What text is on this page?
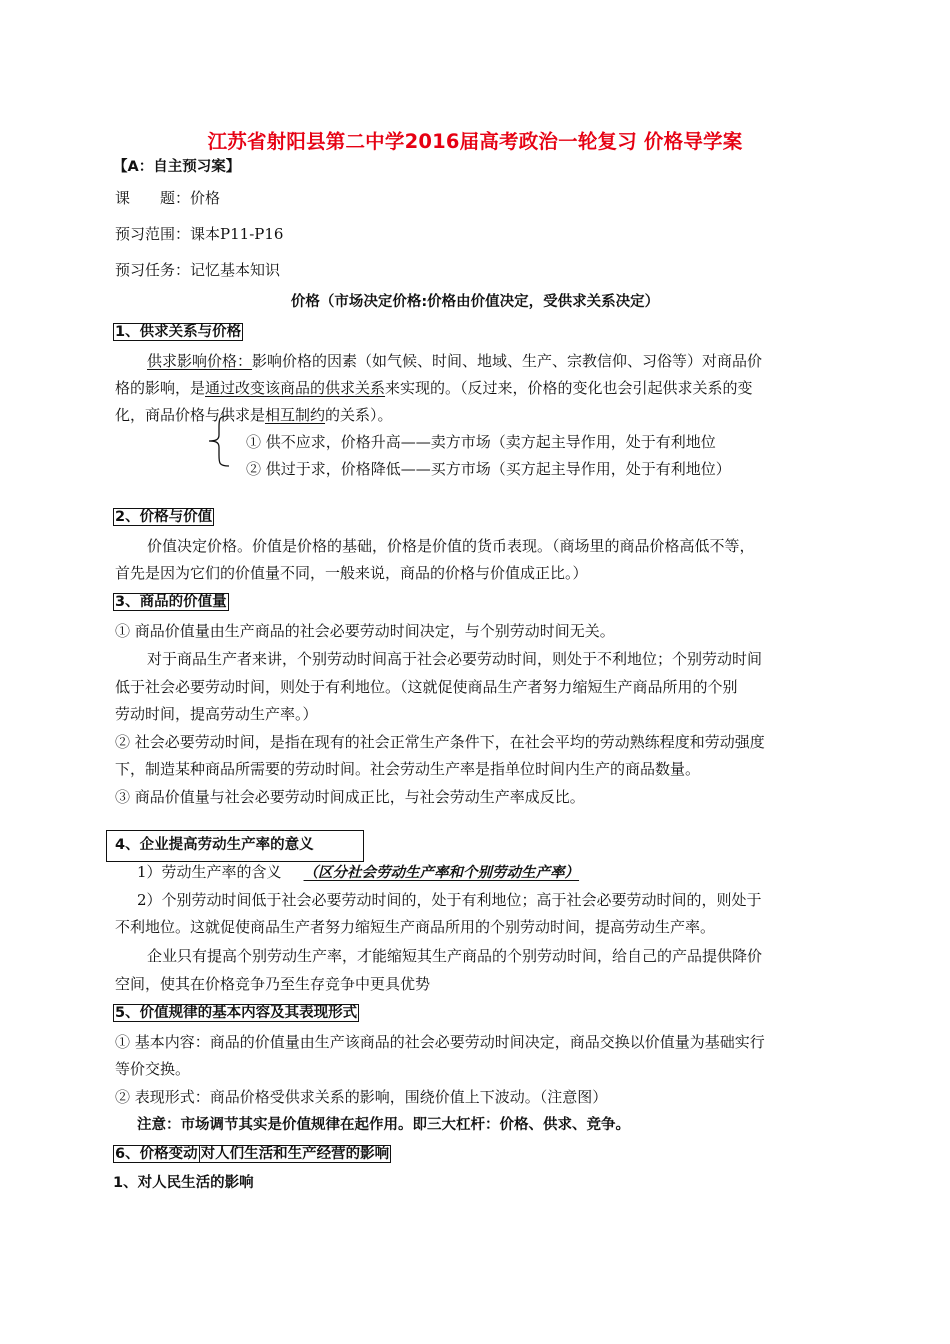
江苏省射阳县第二中学2016届高考政治一轮复习 价格导学案
【A：自主预习案】
课　　题：价格
预习范围：课本P11-P16
预习任务：记忆基本知识
价格（市场决定价格:价格由价值决定，受供求关系决定）
1、供求关系与价格
供求影响价格：影响价格的因素（如气候、时间、地域、生产、宗教信仰、习俗等）对商品价
格的影响，是通过改变该商品的供求关系来实现的。（反过来，价格的变化也会引起供求关系的变
化，商品价格与供求是相互制约的关系）。
① 供不应求，价格升高——卖方市场（卖方起主导作用，处于有利地位
② 供过于求，价格降低——买方市场（买方起主导作用，处于有利地位）
2、价格与价值
价值决定价格。价值是价格的基础，价格是价值的货币表现。（商场里的商品价格高低不等，
首先是因为它们的价值量不同，一般来说，商品的价格与价值成正比。）
3、商品的价值量
① 商品价值量由生产商品的社会必要劳动时间决定，与个别劳动时间无关。
对于商品生产者来讲，个别劳动时间高于社会必要劳动时间，则处于不利地位；个别劳动时间
低于社会必要劳动时间，则处于有利地位。（这就促使商品生产者努力缩短生产商品所用的个别
劳动时间，提高劳动生产率。）
② 社会必要劳动时间，是指在现有的社会正常生产条件下，在社会平均的劳动熟练程度和劳动强度
下，制造某种商品所需要的劳动时间。社会劳动生产率是指单位时间内生产的商品数量。
③ 商品价值量与社会必要劳动时间成正比，与社会劳动生产率成反比。
4、企业提高劳动生产率的意义
1）劳动生产率的含义 （区分社会劳动生产率和个别劳动生产率）
2）个别劳动时间低于社会必要劳动时间的，处于有利地位；高于社会必要劳动时间的，则处于
不利地位。这就促使商品生产者努力缩短生产商品所用的个别劳动时间，提高劳动生产率。
企业只有提高个别劳动生产率，才能缩短其生产商品的个别劳动时间，给自己的产品提供降价
空间，使其在价格竞争乃至生存竞争中更具优势
5、价值规律的基本内容及其表现形式
① 基本内容：商品的价值量由生产该商品的社会必要劳动时间决定，商品交换以价值量为基础实行
等价交换。
② 表现形式：商品价格受供求关系的影响，围绕价值上下波动。（注意图）
注意：市场调节其实是价值规律在起作用。即三大杠杆：价格、供求、竞争。
6、价格变动 对人们生活和生产经营的影响
1、对人民生活的影响
